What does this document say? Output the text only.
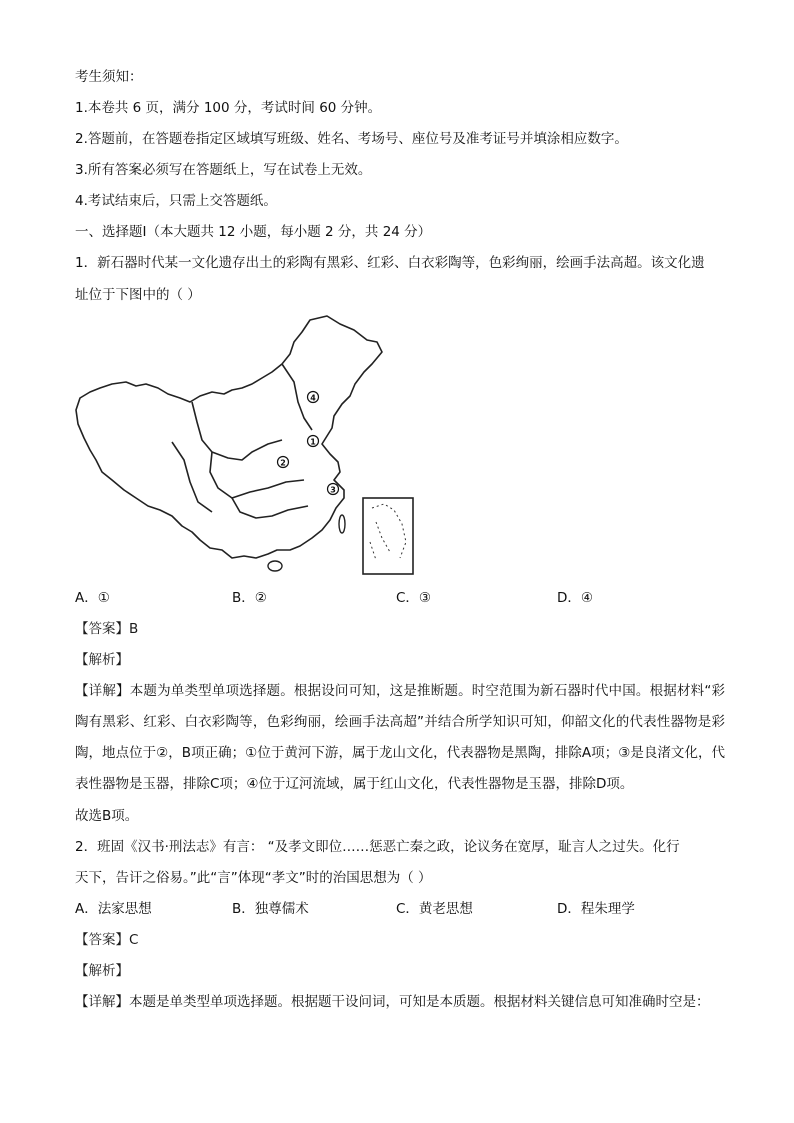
考生须知：
1.本卷共 6 页，满分 100 分，考试时间 60 分钟。
2.答题前，在答题卷指定区域填写班级、姓名、考场号、座位号及准考证号并填涂相应数字。
3.所有答案必须写在答题纸上，写在试卷上无效。
4.考试结束后，只需上交答题纸。
一、选择题Ⅰ（本大题共 12 小题，每小题 2 分，共 24 分）
1．新石器时代某一文化遗存出土的彩陶有黑彩、红彩、白衣彩陶等，色彩绚丽，绘画手法高超。该文化遗
址位于下图中的（ ）
4
1
2
3
A．①	B．②	C．③	D．④
【答案】B
【解析】
【详解】本题为单类型单项选择题。根据设问可知，这是推断题。时空范围为新石器时代中国。根据材料“彩陶有黑彩、红彩、白衣彩陶等，色彩绚丽，绘画手法高超”并结合所学知识可知，仰韶文化的代表性器物是彩陶，地点位于②，B项正确；①位于黄河下游，属于龙山文化，代表器物是黑陶，排除A项；③是良渚文化，代表性器物是玉器，排除C项；④位于辽河流域，属于红山文化，代表性器物是玉器，排除D项。
故选B项。
2．班固《汉书·刑法志》有言： “及孝文即位……惩恶亡秦之政，论议务在宽厚，耻言人之过失。化行
天下，告讦之俗易。”此“言”体现“孝文”时的治国思想为（ ）
A．法家思想	B．独尊儒术	C．黄老思想	D．程朱理学
【答案】C
【解析】
【详解】本题是单类型单项选择题。根据题干设问词，可知是本质题。根据材料关键信息可知准确时空是：
